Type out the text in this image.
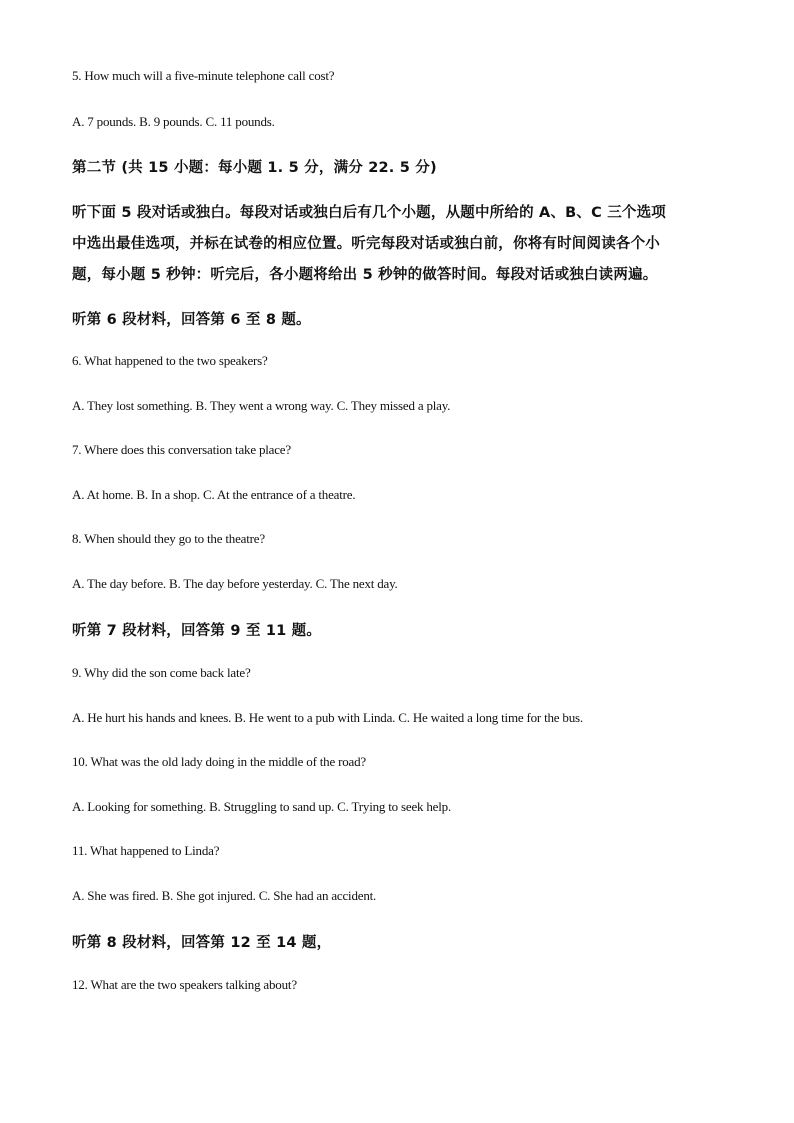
5. How much will a five-minute telephone call cost?
A. 7 pounds. B. 9 pounds. C. 11 pounds.
第二节 (共 15 小题：每小题 1. 5 分，满分 22. 5 分)
听下面 5 段对话或独白。每段对话或独白后有几个小题，从题中所给的 A、B、C 三个选项
中选出最佳选项，并标在试卷的相应位置。听完每段对话或独白前，你将有时间阅读各个小
题，每小题 5 秒钟：听完后，各小题将给出 5 秒钟的做答时间。每段对话或独白读两遍。
听第 6 段材料，回答第 6 至 8 题。
6. What happened to the two speakers?
A. They lost something. B. They went a wrong way. C. They missed a play.
7. Where does this conversation take place?
A. At home. B. In a shop. C. At the entrance of a theatre.
8. When should they go to the theatre?
A. The day before. B. The day before yesterday. C. The next day.
听第 7 段材料，回答第 9 至 11 题。
9. Why did the son come back late?
A. He hurt his hands and knees. B. He went to a pub with Linda. C. He waited a long time for the bus.
10. What was the old lady doing in the middle of the road?
A. Looking for something. B. Struggling to sand up. C. Trying to seek help.
11. What happened to Linda?
A. She was fired. B. She got injured. C. She had an accident.
听第 8 段材料，回答第 12 至 14 题，
12. What are the two speakers talking about?
